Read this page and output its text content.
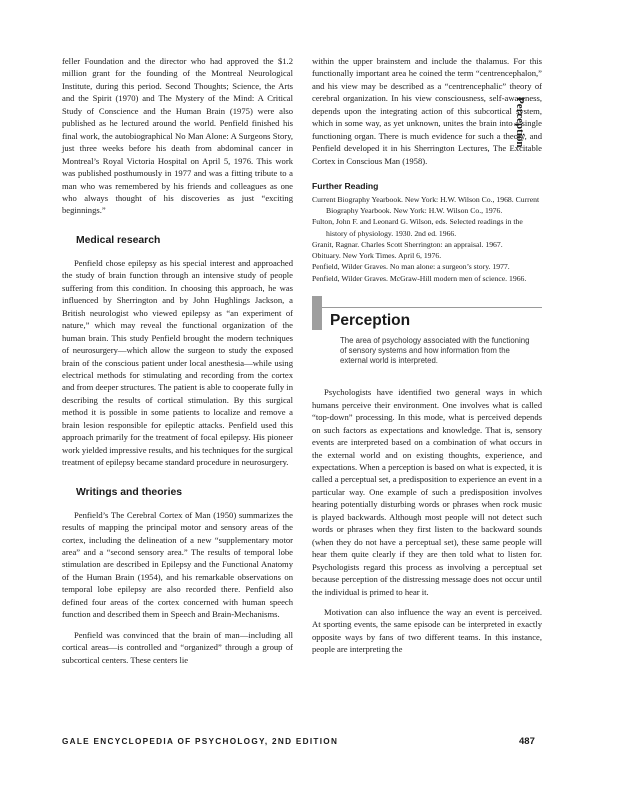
Perception

feller Foundation and the director who had approved the $1.2 million grant for the founding of the Montreal Neurological Institute, during this period. Second Thoughts; Science, the Arts and the Spirit (1970) and The Mystery of the Mind: A Critical Study of Conscience and the Human Brain (1975) were also published as he lectured around the world. Penfield finished his final work, the autobiographical No Man Alone: A Surgeons Story, just three weeks before his death from abdominal cancer in Montreal’s Royal Victoria Hospital on April 5, 1976. This work was published posthumously in 1977 and was a fitting tribute to a man who was remembered by his friends and colleagues as one who always thought of his discoveries as just “exciting beginnings.”

Medical research

Penfield chose epilepsy as his special interest and approached the study of brain function through an intensive study of people suffering from this condition. In choosing this approach, he was influenced by Sherrington and by John Hughlings Jackson, a British neurologist who viewed epilepsy as “an experiment of nature,” which may reveal the functional organization of the human brain. This study Penfield brought the modern techniques of neurosurgery—which allow the surgeon to study the exposed brain of the conscious patient under local anesthesia—while using electrical methods for stimulating and recording from the cortex and from deeper structures. The patient is able to cooperate fully in describing the results of cortical stimulation. By this surgical method it is possible in some patients to localize and remove a brain lesion responsible for epileptic attacks. Penfield used this approach primarily for the treatment of focal epilepsy. His pioneer work yielded impressive results, and his techniques for the surgical treatment of epilepsy became standard procedure in neurosurgery.

Writings and theories

Penfield’s The Cerebral Cortex of Man (1950) summarizes the results of mapping the principal motor and sensory areas of the cortex, including the delineation of a new “supplementary motor area” and a “second sensory area.” The results of temporal lobe stimulation are described in Epilepsy and the Functional Anatomy of the Human Brain (1954), and his remarkable observations on temporal lobe epilepsy are also recorded there. Penfield also defined four areas of the cortex concerned with human speech function and described them in Speech and Brain-Mechanisms.

Penfield was convinced that the brain of man—including all cortical areas—is controlled and “organized” through a group of subcortical centers. These centers lie

within the upper brainstem and include the thalamus. For this functionally important area he coined the term “centrencephalon,” and his view may be described as a “centrencephalic” theory of cerebral organization. In his view consciousness, self-awareness, depends upon the integrating action of this subcortical system, which in some way, as yet unknown, unites the brain into a single functioning organ. There is much evidence for such a theory, and Penfield developed it in his Sherrington Lectures, The Excitable Cortex in Conscious Man (1958).

Further Reading

Current Biography Yearbook. New York: H.W. Wilson Co., 1968. Current Biography Yearbook. New York: H.W. Wilson Co., 1976.

Fulton, John F. and Leonard G. Wilson, eds. Selected readings in the history of physiology. 1930. 2nd ed. 1966.

Granit, Ragnar. Charles Scott Sherrington: an appraisal. 1967.

Obituary. New York Times. April 6, 1976.

Penfield, Wilder Graves. No man alone: a surgeon’s story. 1977.

Penfield, Wilder Graves. McGraw-Hill modern men of science. 1966.

Perception

The area of psychology associated with the functioning of sensory systems and how information from the external world is interpreted.

Psychologists have identified two general ways in which humans perceive their environment. One involves what is called “top-down” processing. In this mode, what is perceived depends on such factors as expectations and knowledge. That is, sensory events are interpreted based on a combination of what occurs in the external world and on existing thoughts, experience, and expectations. When a perception is based on what is expected, it is called a perceptual set, a predisposition to experience an event in a particular way. One example of such a predisposition involves hearing potentially disturbing words or phrases when rock music is played backwards. Although most people will not detect such words or phrases when they first listen to the backward sounds (when they do not have a perceptual set), these same people will hear them quite clearly if they are then told what to listen for. Psychologists regard this process as involving a perceptual set because perception of the distressing message does not occur until the individual is primed to hear it.

Motivation can also influence the way an event is perceived. At sporting events, the same episode can be interpreted in exactly opposite ways by fans of two different teams. In this instance, people are interpreting the

GALE ENCYCLOPEDIA OF PSYCHOLOGY, 2ND EDITION	487
